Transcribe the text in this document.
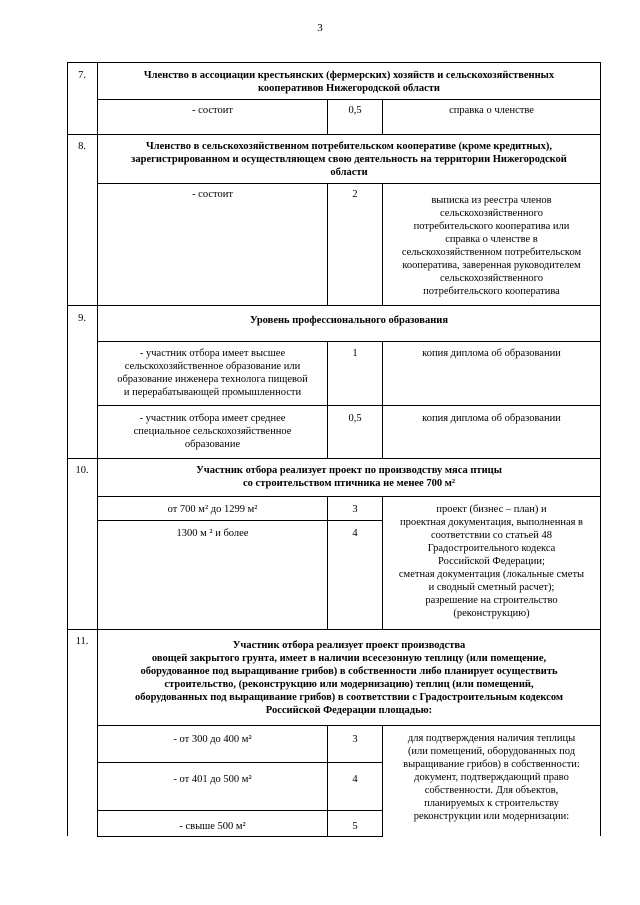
3
7.	Членство в ассоциации крестьянских (фермерских) хозяйств и сельскохозяйственных
кооперативов Нижегородской области
- состоит	0,5	справка о членстве
8.	Членство в сельскохозяйственном потребительском кооперативе (кроме кредитных),
зарегистрированном и осуществляющем свою деятельность на территории Нижегородской
области
- состоит	2
выписка из реестра членов
сельскохозяйственного
потребительского кооператива или
справка о членстве в
сельскохозяйственном потребительском
кооператива, заверенная руководителем
сельскохозяйственного
потребительского кооператива
9.	Уровень профессионального образования
- участник отбора имеет высшее
сельскохозяйственное образование или
образование инженера технолога пищевой
и перерабатывающей промышленности
1	копия диплома об образовании
- участник отбора имеет среднее
специальное сельскохозяйственное
образование
0,5	копия диплома об образовании
10.	Участник отбора реализует проект по производству мяса птицы
со строительством птичника не менее 700 м²
от 700 м² до 1299 м²	3
1300 м ² и более	4
проект (бизнес – план) и
проектная документация, выполненная в
соответствии со статьей 48
Градостроительного кодекса
Российской Федерации;
сметная документация (локальные сметы
и сводный сметный расчет);
разрешение на строительство
(реконструкцию)
11.	Участник отбора реализует проект производства
овощей закрытого грунта, имеет в наличии всесезонную теплицу (или помещение,
оборудованное под выращивание грибов) в собственности либо планирует осуществить
строительство, (реконструкцию или модернизацию) теплиц (или помещений,
оборудованных под выращивание грибов) в соответствии с Градостроительным кодексом
Российской Федерации площадью:
- от 300 до 400 м²	3
- от 401 до 500 м²	4
- свыше 500 м²	5
для подтверждения наличия теплицы
(или помещений, оборудованных под
выращивание грибов) в собственности:
документ, подтверждающий право
собственности. Для объектов,
планируемых к строительству
реконструкции или модернизации:
